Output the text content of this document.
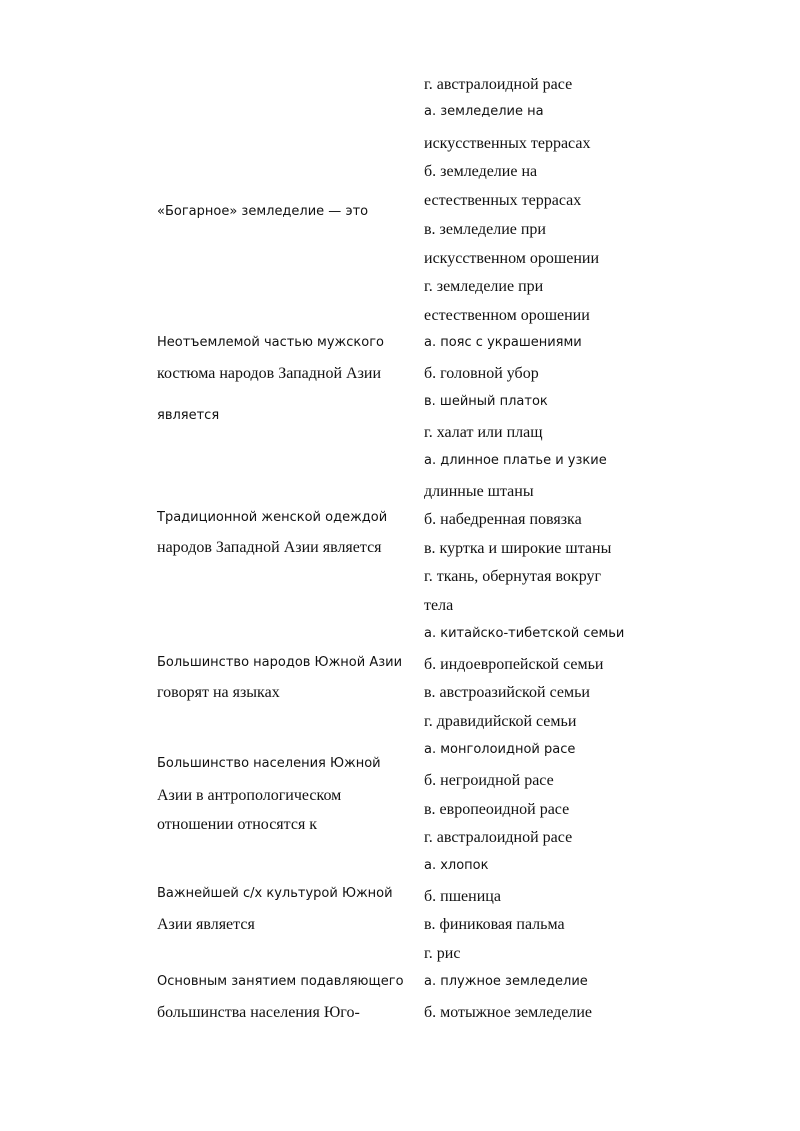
г. австралоидной расе
«Богарное» земледелие — это
а. земледелие на
искусственных террасах
б. земледелие на
естественных террасах
в. земледелие при
искусственном орошении
г. земледелие при
естественном орошении
Неотъемлемой частью мужского
костюма народов Западной Азии
является
а. пояс с украшениями
б. головной убор
в. шейный платок
г. халат или плащ
Традиционной женской одеждой
народов Западной Азии является
а. длинное платье и узкие
длинные штаны
б. набедренная повязка
в. куртка и широкие штаны
г. ткань, обернутая вокруг
тела
Большинство народов Южной Азии
говорят на языках
а. китайско-тибетской семьи
б. индоевропейской семьи
в. австроазийской семьи
г. дравидийской семьи
Большинство населения Южной
Азии в антропологическом
отношении относятся к
а. монголоидной расе
б. негроидной расе
в. европеоидной расе
г. австралоидной расе
Важнейшей с/х культурой Южной
Азии является
а. хлопок
б. пшеница
в. финиковая пальма
г. рис
Основным занятием подавляющего
большинства населения Юго-
а. плужное земледелие
б. мотыжное земледелие
